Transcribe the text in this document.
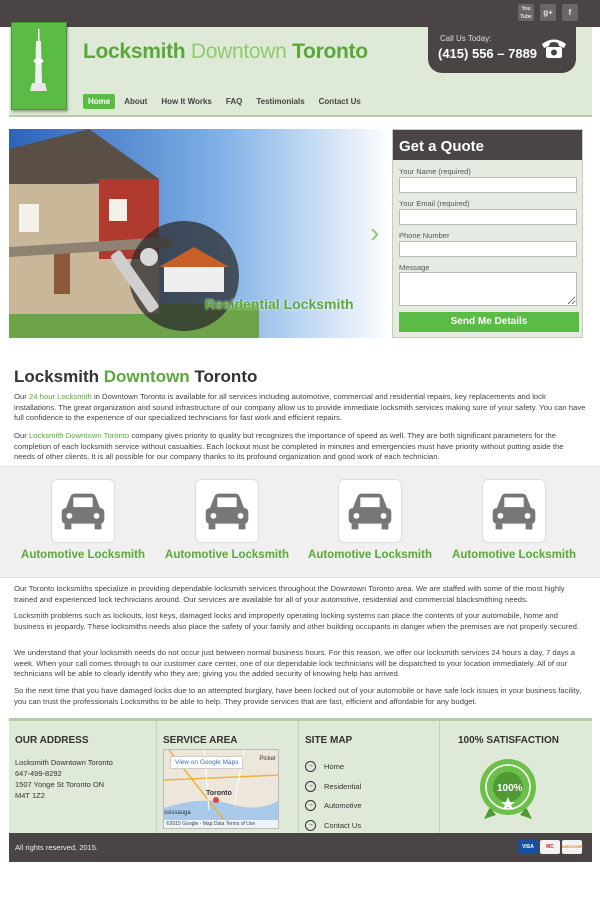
You Tube	g+	f
Locksmith Downtown Toronto
Call Us Today:
(415) 556 – 7889
Home	About	How It Works	FAQ	Testimonials	Contact Us
›
Residential Locksmith
Get a Quote
Your Name (required)
Your Email (required)
Phone Number
Message
Send Me Details
Locksmith Downtown Toronto
Our 24 hour Locksmith in Downtown Toronto is available for all services including automotive, commercial and residential repairs, key replacements and lock installations. The great organization and sound infrastructure of our company allow us to provide immediate locksmith services making sure of your safety. You can have full confidence to the experience of our specialized technicians for fast work and efficient repairs.
Our Locksmith Downtown Toronto company gives priority to quality but recognizes the importance of speed as well. They are both significant parameters for the completion of each locksmith service without casualties. Each lockout must be completed in minutes and emergencies must have priority without putting aside the needs of other clients. It is all possible for our company thanks to its profound organization and good work of each technician.
Automotive Locksmith	Automotive Locksmith	Automotive Locksmith	Automotive Locksmith
Our Toronto locksmiths specialize in providing dependable locksmith services throughout the Downtown Toronto area. We are staffed with some of the most highly trained and experienced lock technicians around. Our services are available for all of your automotive, residential and commercial blacksmithing needs.
Locksmith problems such as lockouts, lost keys, damaged locks and improperly operating locking systems can place the contents of your automobile, home and business in jeopardy. These locksmiths needs also place the safety of your family and other building occupants in danger when the premises are not properly secured.
We understand that your locksmith needs do not occur just between normal business hours. For this reason, we offer our locksmith services 24 hours a day, 7 days a week. When your call comes through to our customer care center, one of our dependable lock technicians will be dispatched to your location immediately. All of our technicians will be able to clearly identify who they are; giving you the added security of knowing help has arrived.
So the next time that you have damaged locks due to an attempted burglary, have been locked out of your automobile or have safe lock issues in your business facility, you can trust the professionals Locksmiths to be able to help. They provide services that are fast, efficient and affordable for any budget.
OUR ADDRESS
Locksmith Downtown Toronto
647-499-8292
1507 Yonge St Toronto ON
M4T 1Z2
SERVICE AREA
View on Google Maps	Picker
Toronto
ssissauga
©2015 Google - Map Data Terms of Use
SITE MAP
→ Home
→ Residential
→ Automotive
→ Contact Us
100% SATISFACTION
100%
All rights reserved, 2015.	VISA	MC	DISCOVER
